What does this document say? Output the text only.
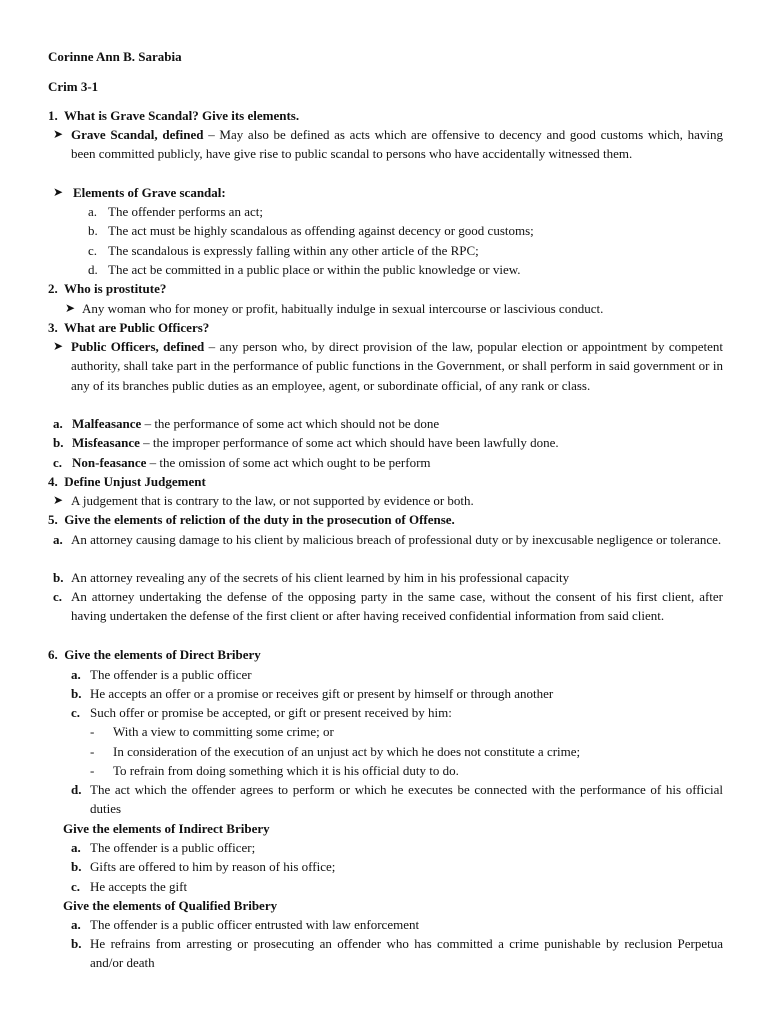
Corinne Ann B. Sarabia
Crim 3-1
1. What is Grave Scandal? Give its elements.
➤ Grave Scandal, defined – May also be defined as acts which are offensive to decency and good customs which, having been committed publicly, have give rise to public scandal to persons who have accidentally witnessed them.
➤ Elements of Grave scandal:
a. The offender performs an act;
b. The act must be highly scandalous as offending against decency or good customs;
c. The scandalous is expressly falling within any other article of the RPC;
d. The act be committed in a public place or within the public knowledge or view.
2. Who is prostitute?
➤ Any woman who for money or profit, habitually indulge in sexual intercourse or lascivious conduct.
3. What are Public Officers?
➤ Public Officers, defined – any person who, by direct provision of the law, popular election or appointment by competent authority, shall take part in the performance of public functions in the Government, or shall perform in said government or in any of its branches public duties as an employee, agent, or subordinate official, of any rank or class.
a. Malfeasance – the performance of some act which should not be done
b. Misfeasance – the improper performance of some act which should have been lawfully done.
c. Non-feasance – the omission of some act which ought to be perform
4. Define Unjust Judgement
➤ A judgement that is contrary to the law, or not supported by evidence or both.
5. Give the elements of reliction of the duty in the prosecution of Offense.
a. An attorney causing damage to his client by malicious breach of professional duty or by inexcusable negligence or tolerance.
b. An attorney revealing any of the secrets of his client learned by him in his professional capacity
c. An attorney undertaking the defense of the opposing party in the same case, without the consent of his first client, after having undertaken the defense of the first client or after having received confidential information from said client.
6. Give the elements of Direct Bribery
a. The offender is a public officer
b. He accepts an offer or a promise or receives gift or present by himself or through another
c. Such offer or promise be accepted, or gift or present received by him:
- With a view to committing some crime; or
- In consideration of the execution of an unjust act by which he does not constitute a crime;
- To refrain from doing something which it is his official duty to do.
d. The act which the offender agrees to perform or which he executes be connected with the performance of his official duties
Give the elements of Indirect Bribery
a. The offender is a public officer;
b. Gifts are offered to him by reason of his office;
c. He accepts the gift
Give the elements of Qualified Bribery
a. The offender is a public officer entrusted with law enforcement
b. He refrains from arresting or prosecuting an offender who has committed a crime punishable by reclusion Perpetua and/or death
